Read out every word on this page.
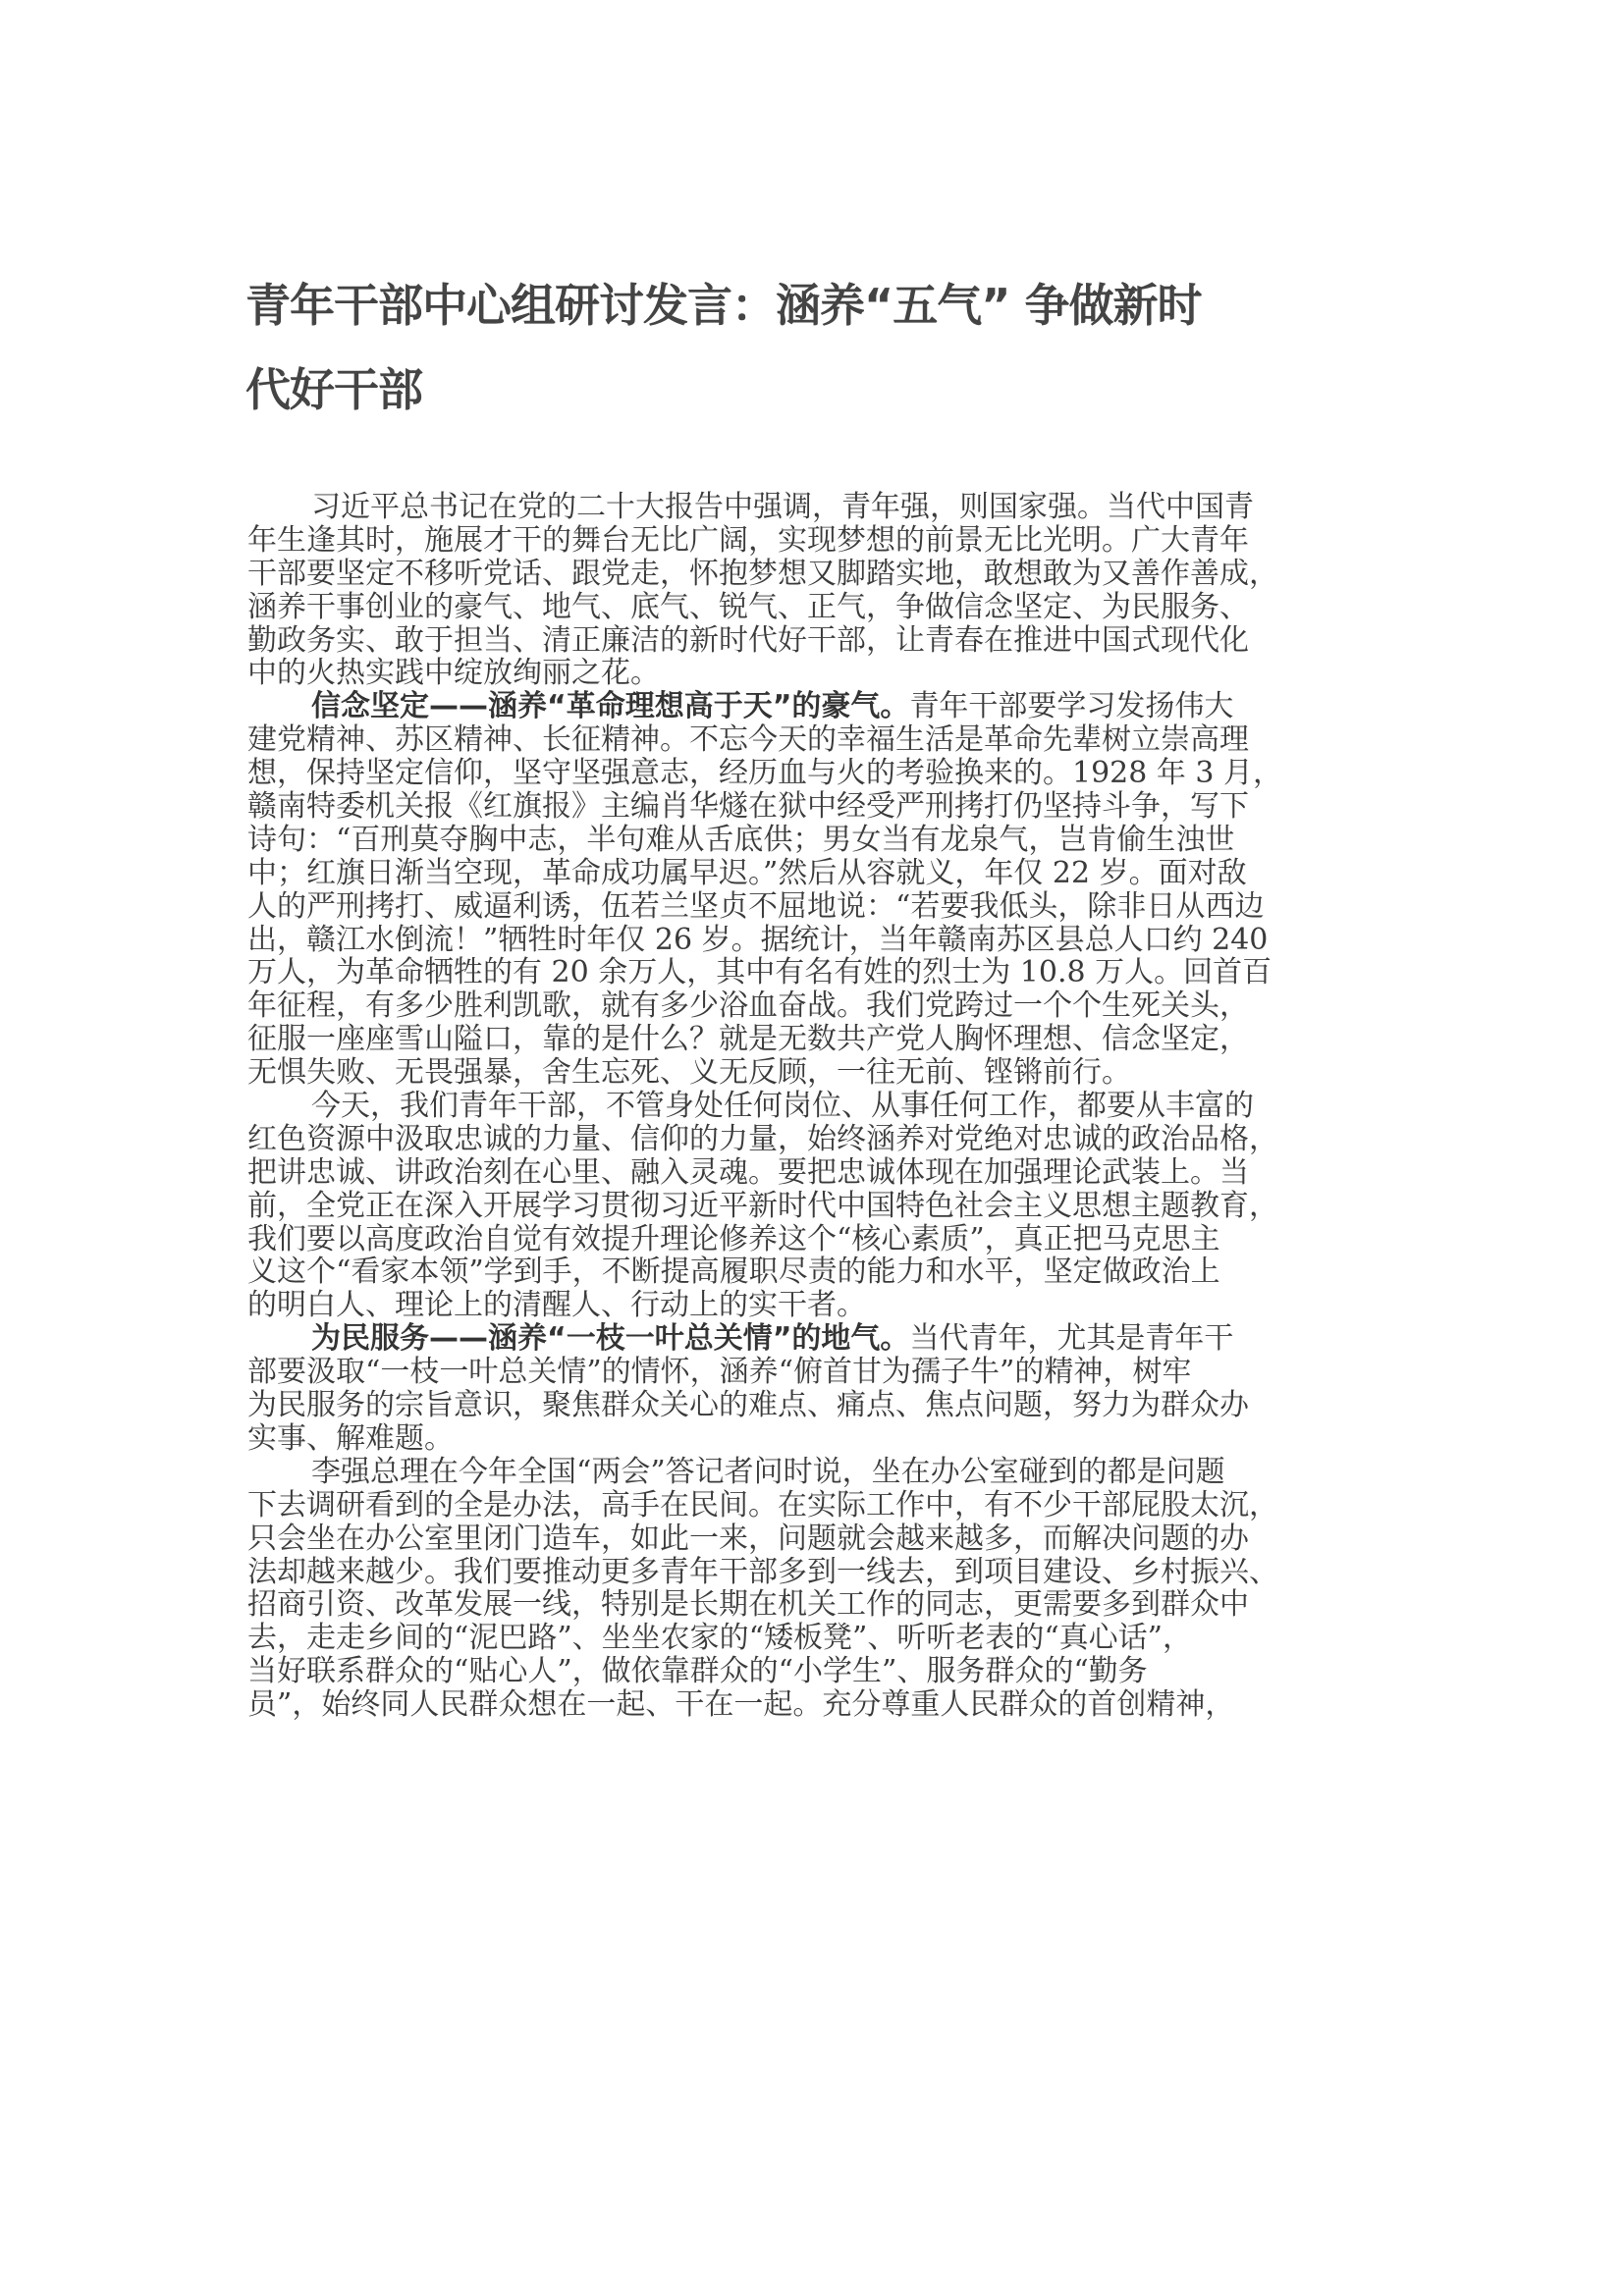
青年干部中心组研讨发言：涵养“五气” 争做新时
代好干部
习近平总书记在党的二十大报告中强调，青年强，则国家强。当代中国青
年生逢其时，施展才干的舞台无比广阔，实现梦想的前景无比光明。广大青年
干部要坚定不移听党话、跟党走，怀抱梦想又脚踏实地，敢想敢为又善作善成，
涵养干事创业的豪气、地气、底气、锐气、正气，争做信念坚定、为民服务、
勤政务实、敢于担当、清正廉洁的新时代好干部，让青春在推进中国式现代化
中的火热实践中绽放绚丽之花。
信念坚定——涵养“革命理想高于天”的豪气。青年干部要学习发扬伟大
建党精神、苏区精神、长征精神。不忘今天的幸福生活是革命先辈树立崇高理
想，保持坚定信仰，坚守坚强意志，经历血与火的考验换来的。1928 年 3 月，
赣南特委机关报《红旗报》主编肖华燧在狱中经受严刑拷打仍坚持斗争，写下
诗句：“百刑莫夺胸中志，半句难从舌底供；男女当有龙泉气，岂肯偷生浊世
中；红旗日渐当空现，革命成功属早迟。”然后从容就义，年仅 22 岁。面对敌
人的严刑拷打、威逼利诱，伍若兰坚贞不屈地说：“若要我低头，除非日从西边
出，赣江水倒流！”牺牲时年仅 26 岁。据统计，当年赣南苏区县总人口约 240
万人，为革命牺牲的有 20 余万人，其中有名有姓的烈士为 10.8 万人。回首百
年征程，有多少胜利凯歌，就有多少浴血奋战。我们党跨过一个个生死关头，
征服一座座雪山隘口，靠的是什么？就是无数共产党人胸怀理想、信念坚定，
无惧失败、无畏强暴，舍生忘死、义无反顾，一往无前、铿锵前行。
今天，我们青年干部，不管身处任何岗位、从事任何工作，都要从丰富的
红色资源中汲取忠诚的力量、信仰的力量，始终涵养对党绝对忠诚的政治品格，
把讲忠诚、讲政治刻在心里、融入灵魂。要把忠诚体现在加强理论武装上。当
前，全党正在深入开展学习贯彻习近平新时代中国特色社会主义思想主题教育，
我们要以高度政治自觉有效提升理论修养这个“核心素质”，真正把马克思主
义这个“看家本领”学到手，不断提高履职尽责的能力和水平，坚定做政治上
的明白人、理论上的清醒人、行动上的实干者。
为民服务——涵养“一枝一叶总关情”的地气。当代青年，尤其是青年干
部要汲取“一枝一叶总关情”的情怀，涵养“俯首甘为孺子牛”的精神，树牢
为民服务的宗旨意识，聚焦群众关心的难点、痛点、焦点问题，努力为群众办
实事、解难题。
李强总理在今年全国“两会”答记者问时说，坐在办公室碰到的都是问题
下去调研看到的全是办法，高手在民间。在实际工作中，有不少干部屁股太沉，
只会坐在办公室里闭门造车，如此一来，问题就会越来越多，而解决问题的办
法却越来越少。我们要推动更多青年干部多到一线去，到项目建设、乡村振兴、
招商引资、改革发展一线，特别是长期在机关工作的同志，更需要多到群众中
去，走走乡间的“泥巴路”、坐坐农家的“矮板凳”、听听老表的“真心话”，
当好联系群众的“贴心人”，做依靠群众的“小学生”、服务群众的“勤务
员”，始终同人民群众想在一起、干在一起。充分尊重人民群众的首创精神，
